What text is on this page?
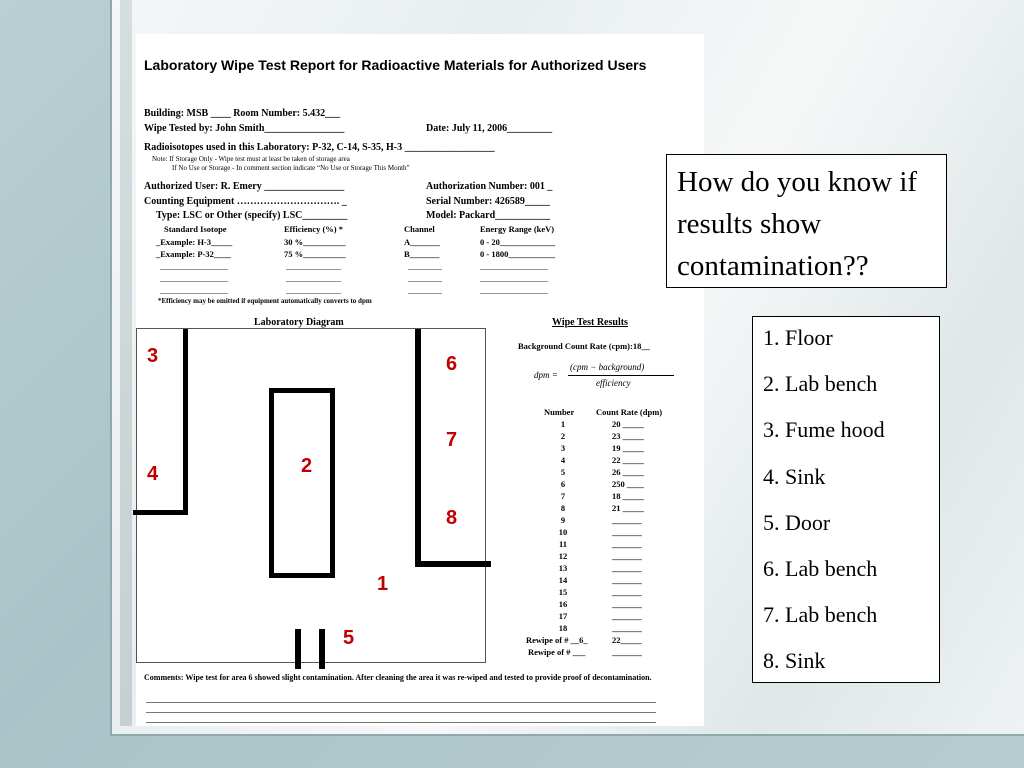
Laboratory Wipe Test Report for Radioactive Materials for Authorized Users
Building: MSB ____ Room Number: 5.432___
Wipe Tested by: John Smith________________	Date: July 11, 2006_________
Radioisotopes used in this Laboratory: P-32, C-14, S-35, H-3 __________________
Note: If Storage Only - Wipe test must at least be taken of storage area
If No Use or Storage - In comment section indicate “No Use or Storage This Month”
Authorized User: R. Emery ________________	Authorization Number: 001 _
Counting Equipment …………………………. _	Serial Number: 426589_____
Type: LSC or Other (specify) LSC_________	Model: Packard___________
Standard Isotope	Efficiency (%) *	Channel	Energy Range (keV)
_Example: H-3_____	30 %__________	A_______	0 - 20_____________
_Example: P-32____	75 %__________	B_______	0 - 1800___________
________________	_____________	________	________________
________________	_____________	________	________________
________________	_____________	________	________________
*Efficiency may be omitted if equipment automatically converts to dpm
Laboratory Diagram	Wipe Test Results
3
4	2
6
7
8
1
5
Background Count Rate (cpm):18__
dpm =
(cpm − background)
efficiency
Number	Count Rate (dpm)
1	20 _____
2	23 _____
3	19 _____
4	22 _____
5	26 _____
6	250 ____
7	18 _____
8	21 _____
9	_______
10	_______
11	_______
12	_______
13	_______
14	_______
15	_______
16	_______
17	_______
18	_______
Rewipe of # __6_	22_____
Rewipe of # ___	_______
Comments: Wipe test for area 6 showed slight contamination. After cleaning the area it was re-wiped and tested to provide proof of decontamination.
How do you know if results show contamination??
1. Floor
2. Lab bench
3. Fume hood
4. Sink
5. Door
6. Lab bench
7. Lab bench
8. Sink
